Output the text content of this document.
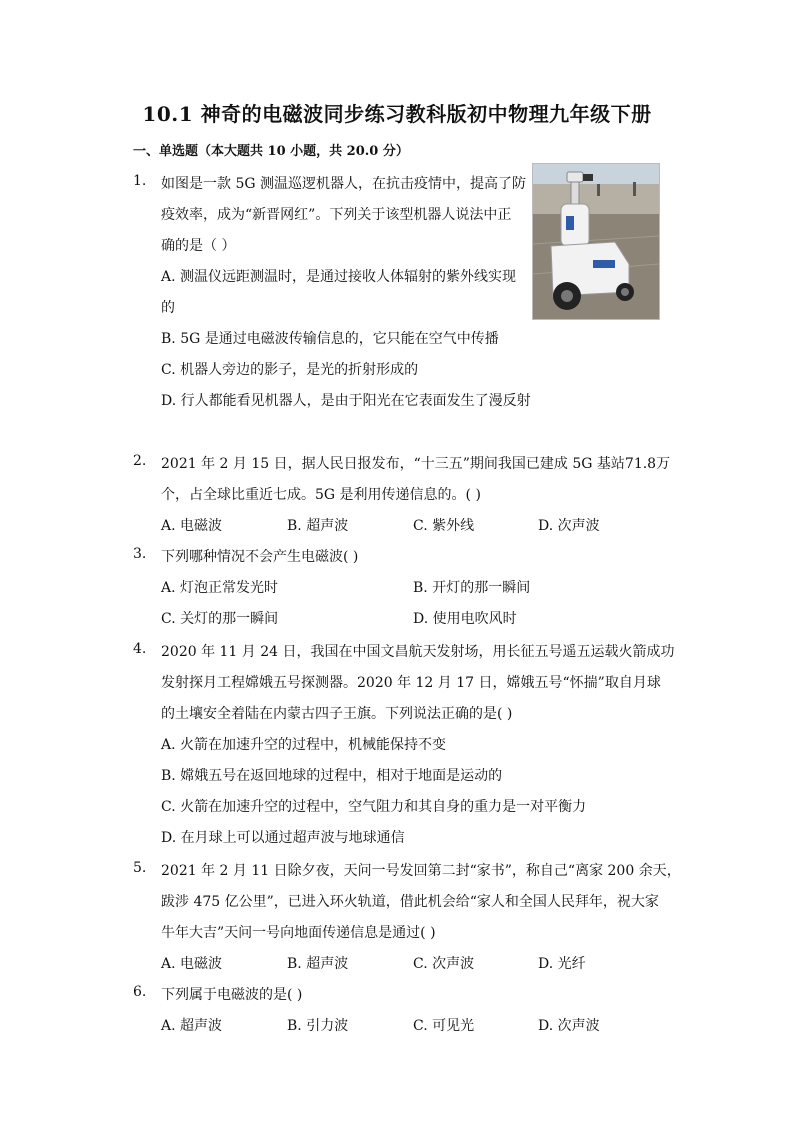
10.1 神奇的电磁波同步练习教科版初中物理九年级下册
一、单选题（本大题共 10 小题，共 20.0 分）
1. 如图是一款 5G 测温巡逻机器人，在抗击疫情中，提高了防
疫效率，成为“新晋网红”。下列关于该型机器人说法中正
确的是（ ）
A. 测温仪远距测温时，是通过接收人体辐射的紫外线实现
的
B. 5G 是通过电磁波传输信息的，它只能在空气中传播
C. 机器人旁边的影子，是光的折射形成的
D. 行人都能看见机器人，是由于阳光在它表面发生了漫反射
2. 2021 年 2 月 15 日，据人民日报发布，“十三五”期间我国已建成 5G 基站71.8万
个，占全球比重近七成。5G 是利用传递信息的。( )
A. 电磁波	B. 超声波	C. 紫外线	D. 次声波
3. 下列哪种情况不会产生电磁波( )
A. 灯泡正常发光时	B. 开灯的那一瞬间
C. 关灯的那一瞬间	D. 使用电吹风时
4. 2020 年 11 月 24 日，我国在中国文昌航天发射场，用长征五号遥五运载火箭成功
发射探月工程嫦娥五号探测器。2020 年 12 月 17 日，嫦娥五号“怀揣”取自月球
的土壤安全着陆在内蒙古四子王旗。下列说法正确的是( )
A. 火箭在加速升空的过程中，机械能保持不变
B. 嫦娥五号在返回地球的过程中，相对于地面是运动的
C. 火箭在加速升空的过程中，空气阻力和其自身的重力是一对平衡力
D. 在月球上可以通过超声波与地球通信
5. 2021 年 2 月 11 日除夕夜，天问一号发回第二封“家书”，称自己“离家 200 余天，
跋涉 475 亿公里”，已进入环火轨道，借此机会给“家人和全国人民拜年，祝大家
牛年大吉”天问一号向地面传递信息是通过( )
A. 电磁波	B. 超声波	C. 次声波	D. 光纤
6. 下列属于电磁波的是( )
A. 超声波	B. 引力波	C. 可见光	D. 次声波
